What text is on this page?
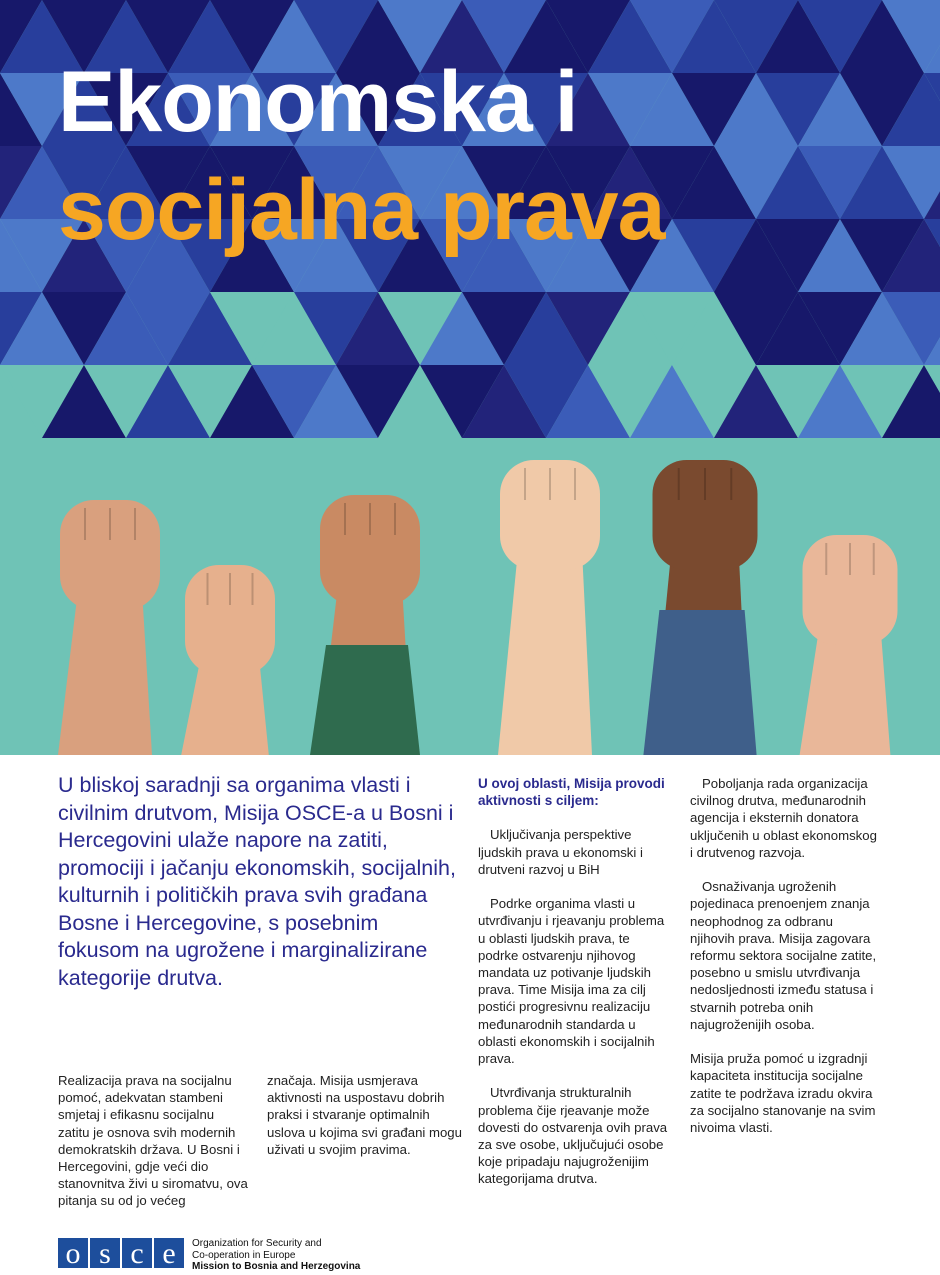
Ekonomska i
socijalna prava

U bliskoj saradnji sa organima vlasti i civilnim drutvom, Misija OSCE-a u Bosni i Hercegovini ulaže napore na zatiti, promociji i jačanju ekonomskih, socijalnih, kulturnih i političkih prava svih građana Bosne i Hercegovine, s posebnim fokusom na ugrožene i marginalizirane kategorije drutva.

Realizacija prava na socijalnu pomoć, adekvatan stambeni smjetaj i efikasnu socijalnu zatitu je osnova svih modernih demokratskih država. U Bosni i Hercegovini, gdje veći dio stanovnitva živi u siromatvu, ova pitanja su od jo većeg

značaja. Misija usmjerava aktivnosti na uspostavu dobrih praksi i stvaranje optimalnih uslova u kojima svi građani mogu uživati u svojim pravima.

U ovoj oblasti, Misija provodi aktivnosti s ciljem:

Uključivanja perspektive ljudskih prava u ekonomski i drutveni razvoj u BiH

Podrke organima vlasti u utvrđivanju i rjeavanju problema u oblasti ljudskih prava, te podrke ostvarenju njihovog mandata uz potivanje ljudskih prava. Time Misija ima za cilj postići progresivnu realizaciju međunarodnih standarda u oblasti ekonomskih i socijalnih prava.

Utvrđivanja strukturalnih problema čije rjeavanje može dovesti do ostvarenja ovih prava za sve osobe, uključujući osobe koje pripadaju najugroženijim kategorijama drutva.

Poboljanja rada organizacija civilnog drutva, međunarodnih agencija i eksternih donatora uključenih u oblast ekonomskog i drutvenog razvoja.

Osnaživanja ugroženih pojedinaca prenoenjem znanja neophodnog za odbranu njihovih prava. Misija zagovara reformu sektora socijalne zatite, posebno u smislu utvrđivanja nedosljednosti između statusa i stvarnih potreba onih najugroženijih osoba.

Misija pruža pomoć u izgradnji kapaciteta institucija socijalne zatite te podržava izradu okvira za socijalno stanovanje na svim nivoima vlasti.

o s c e	Organization for Security and
Co-operation in Europe
Mission to Bosnia and Herzegovina
